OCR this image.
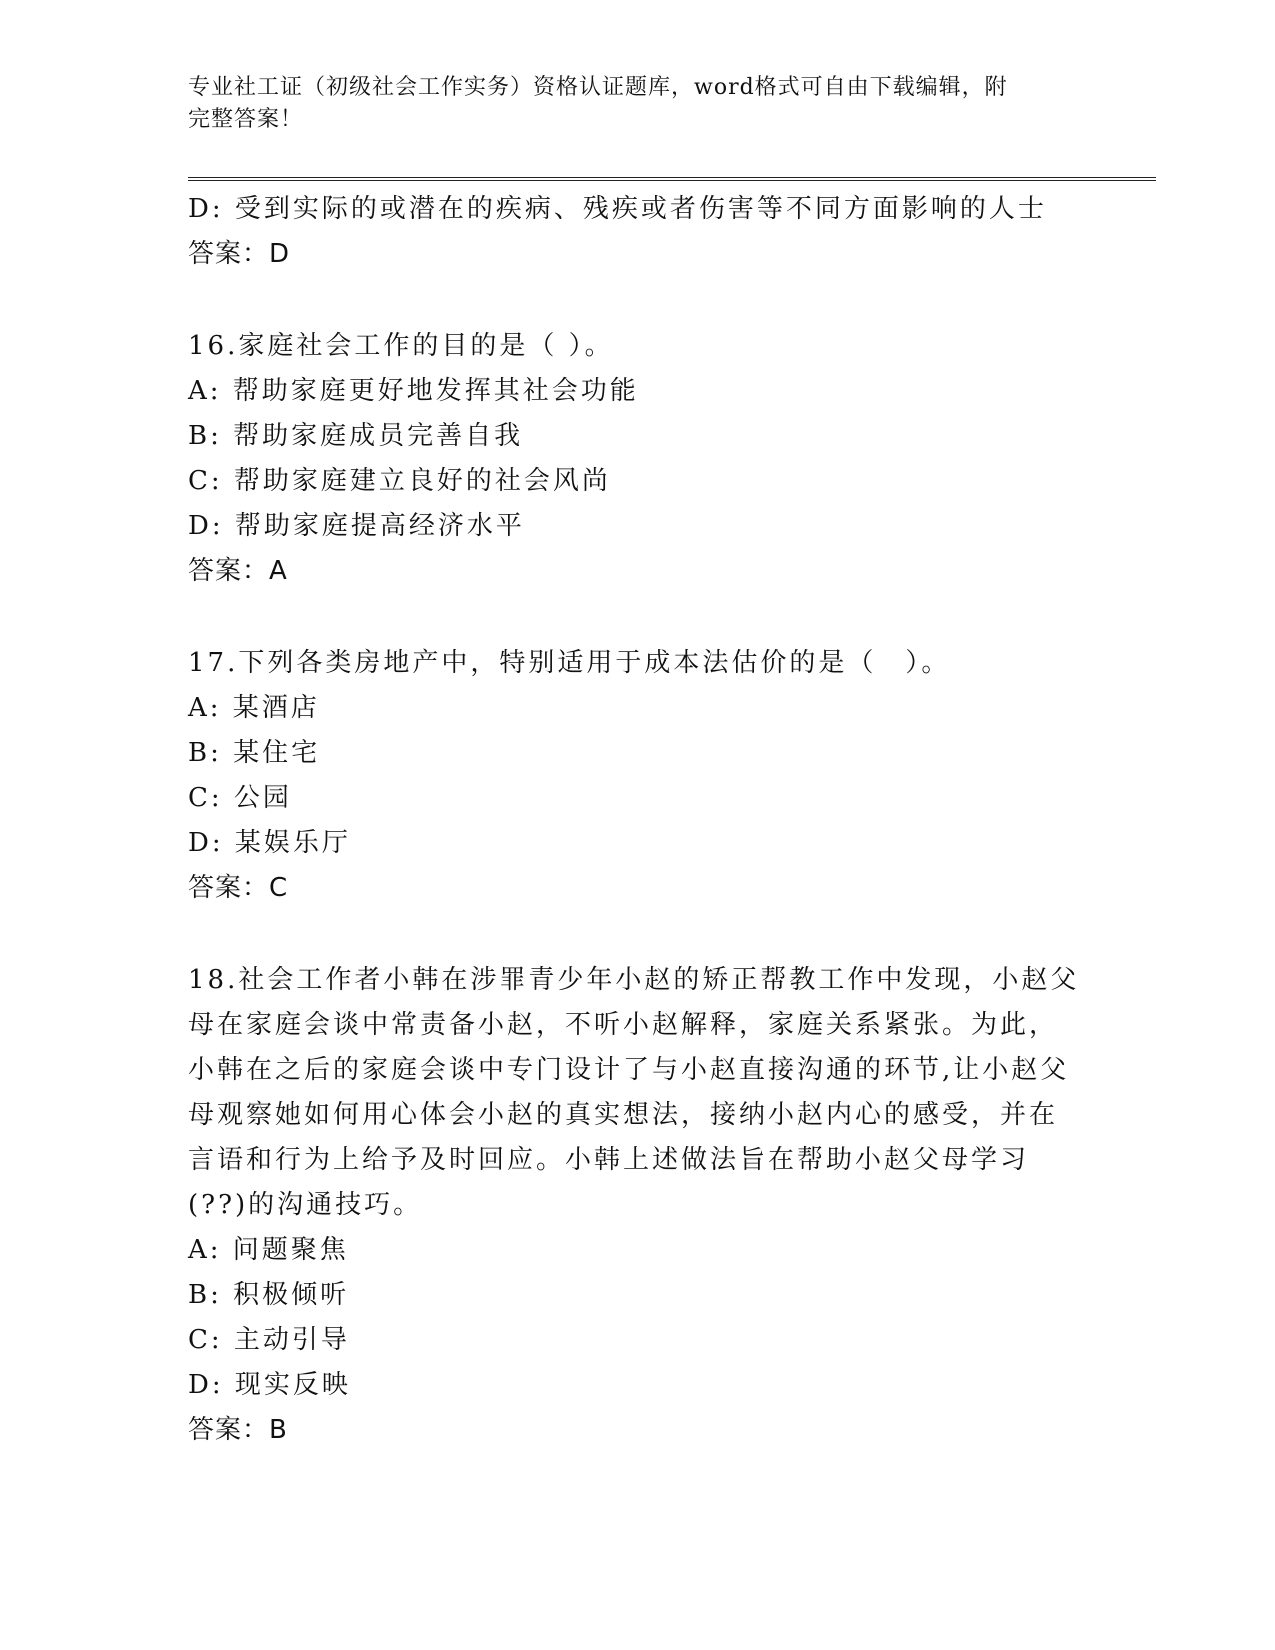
专业社工证（初级社会工作实务）资格认证题库，word格式可自由下载编辑，附
完整答案！
D: 受到实际的或潜在的疾病、残疾或者伤害等不同方面影响的人士
答案：D
16.家庭社会工作的目的是（ ）。
A: 帮助家庭更好地发挥其社会功能
B: 帮助家庭成员完善自我
C: 帮助家庭建立良好的社会风尚
D: 帮助家庭提高经济水平
答案：A
17.下列各类房地产中，特别适用于成本法估价的是（　）。
A: 某酒店
B: 某住宅
C: 公园
D: 某娱乐厅
答案：C
18.社会工作者小韩在涉罪青少年小赵的矫正帮教工作中发现，小赵父
母在家庭会谈中常责备小赵，不听小赵解释，家庭关系紧张。为此，
小韩在之后的家庭会谈中专门设计了与小赵直接沟通的环节,让小赵父
母观察她如何用心体会小赵的真实想法，接纳小赵内心的感受，并在
言语和行为上给予及时回应。小韩上述做法旨在帮助小赵父母学习
(??)的沟通技巧。
A: 问题聚焦
B: 积极倾听
C: 主动引导
D: 现实反映
答案：B
